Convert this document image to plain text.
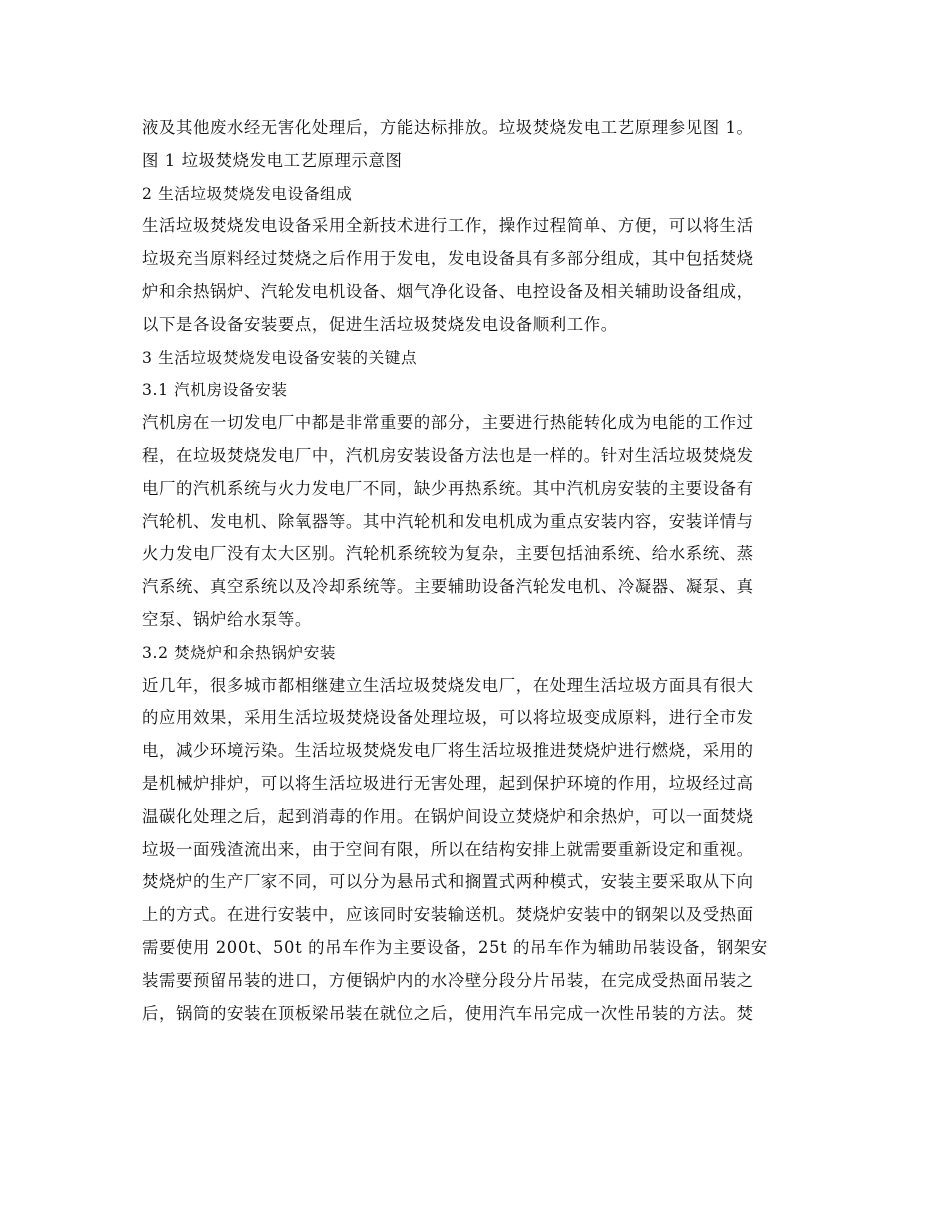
液及其他废水经无害化处理后，方能达标排放。垃圾焚烧发电工艺原理参见图 1。
图 1 垃圾焚烧发电工艺原理示意图
2 生活垃圾焚烧发电设备组成
生活垃圾焚烧发电设备采用全新技术进行工作，操作过程简单、方便，可以将生活
垃圾充当原料经过焚烧之后作用于发电，发电设备具有多部分组成，其中包括焚烧
炉和余热锅炉、汽轮发电机设备、烟气净化设备、电控设备及相关辅助设备组成，
以下是各设备安装要点，促进生活垃圾焚烧发电设备顺利工作。
3 生活垃圾焚烧发电设备安装的关键点
3.1 汽机房设备安装
汽机房在一切发电厂中都是非常重要的部分，主要进行热能转化成为电能的工作过
程，在垃圾焚烧发电厂中，汽机房安装设备方法也是一样的。针对生活垃圾焚烧发
电厂的汽机系统与火力发电厂不同，缺少再热系统。其中汽机房安装的主要设备有
汽轮机、发电机、除氧器等。其中汽轮机和发电机成为重点安装内容，安装详情与
火力发电厂没有太大区别。汽轮机系统较为复杂，主要包括油系统、给水系统、蒸
汽系统、真空系统以及冷却系统等。主要辅助设备汽轮发电机、冷凝器、凝泵、真
空泵、锅炉给水泵等。
3.2 焚烧炉和余热锅炉安装
近几年，很多城市都相继建立生活垃圾焚烧发电厂，在处理生活垃圾方面具有很大
的应用效果，采用生活垃圾焚烧设备处理垃圾，可以将垃圾变成原料，进行全市发
电，减少环境污染。生活垃圾焚烧发电厂将生活垃圾推进焚烧炉进行燃烧，采用的
是机械炉排炉，可以将生活垃圾进行无害处理，起到保护环境的作用，垃圾经过高
温碳化处理之后，起到消毒的作用。在锅炉间设立焚烧炉和余热炉，可以一面焚烧
垃圾一面残渣流出来，由于空间有限，所以在结构安排上就需要重新设定和重视。
焚烧炉的生产厂家不同，可以分为悬吊式和搁置式两种模式，安装主要采取从下向
上的方式。在进行安装中，应该同时安装输送机。焚烧炉安装中的钢架以及受热面
需要使用 200t、50t 的吊车作为主要设备，25t 的吊车作为辅助吊装设备，钢架安
装需要预留吊装的进口，方便锅炉内的水冷壁分段分片吊装，在完成受热面吊装之
后，锅筒的安装在顶板梁吊装在就位之后，使用汽车吊完成一次性吊装的方法。焚
